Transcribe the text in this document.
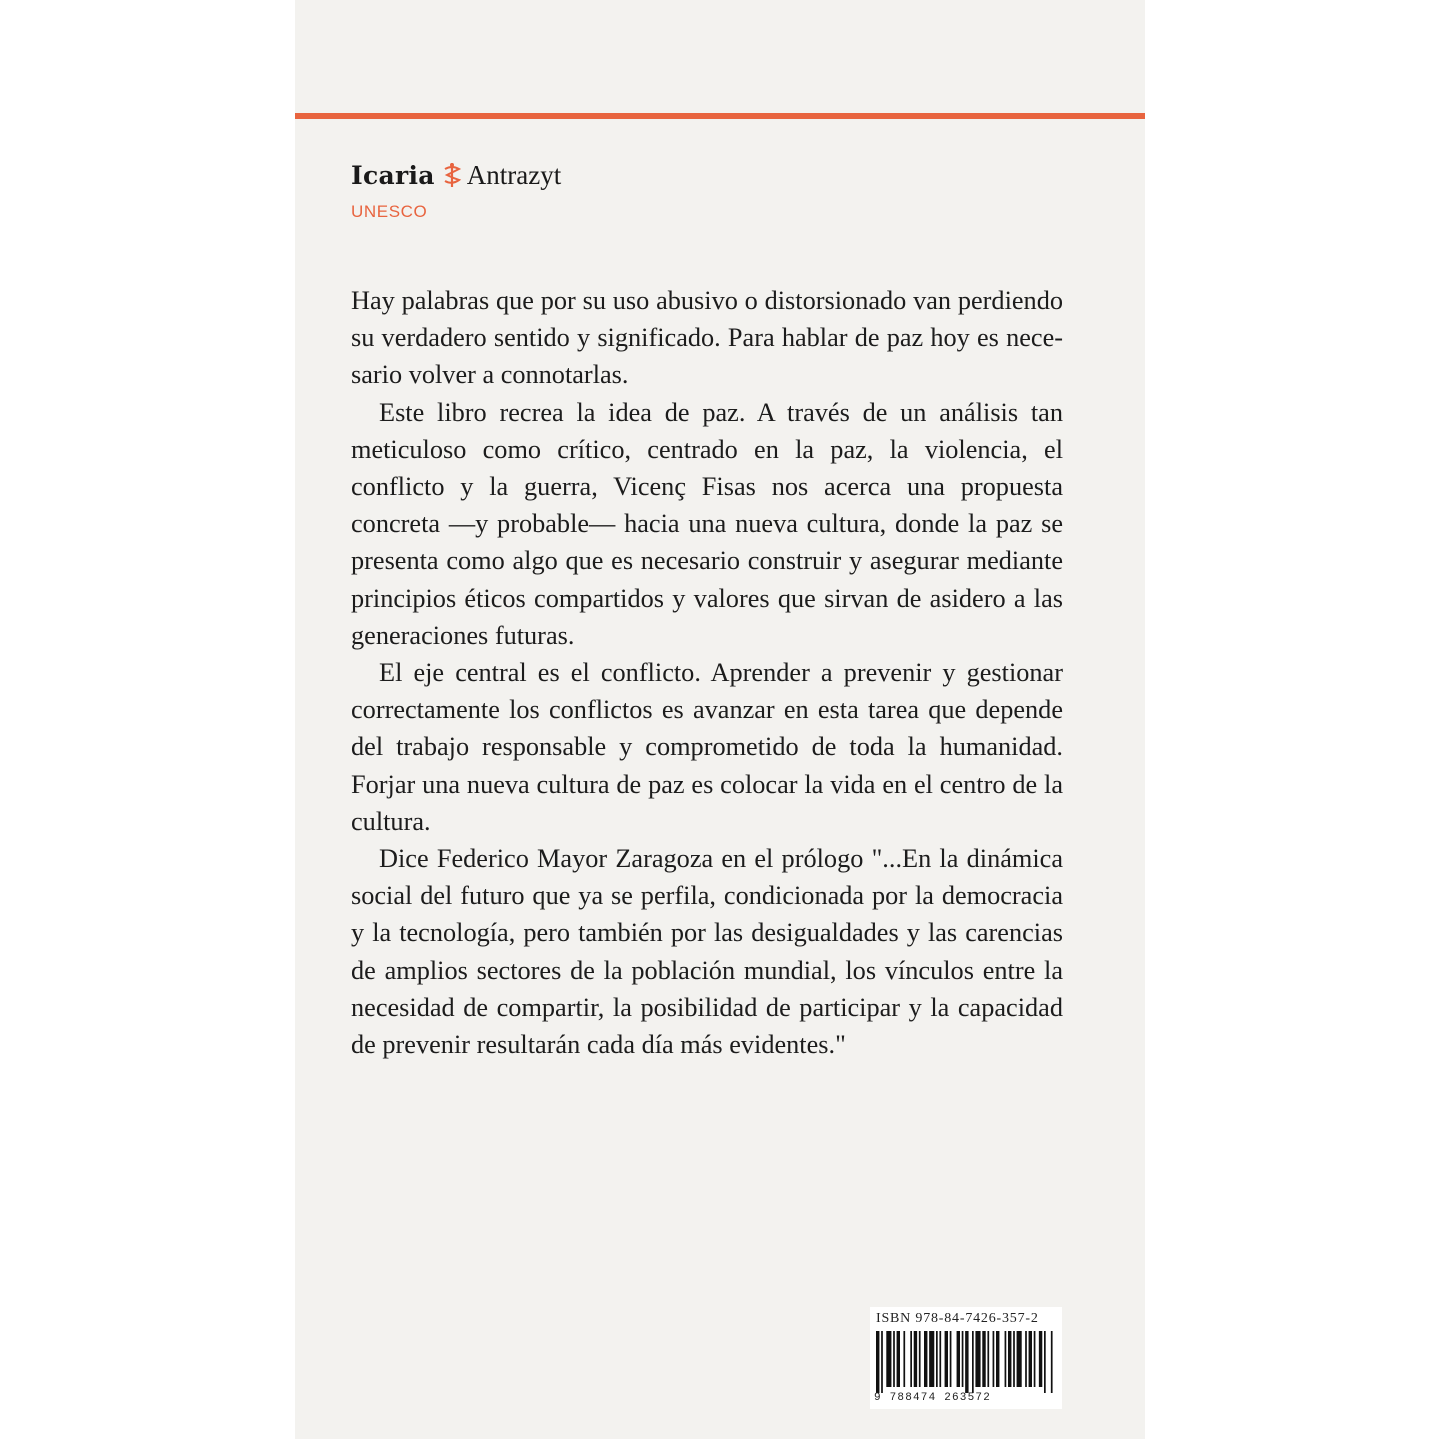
Icaria Antrazyt
UNESCO

Hay palabras que por su uso abusivo o distorsionado van perdiendo su verdadero sentido y significado. Para hablar de paz hoy es nece-sario volver a connotarlas.

Este libro recrea la idea de paz. A través de un análisis tan meticuloso como crítico, centrado en la paz, la violencia, el conflicto y la guerra, Vicenç Fisas nos acerca una propuesta concreta —y probable— hacia una nueva cultura, donde la paz se presenta como algo que es necesario construir y asegurar mediante principios éticos compartidos y valores que sirvan de asidero a las generaciones futuras.

El eje central es el conflicto. Aprender a prevenir y gestionar correctamente los conflictos es avanzar en esta tarea que depende del trabajo responsable y comprometido de toda la humanidad. Forjar una nueva cultura de paz es colocar la vida en el centro de la cultura.

Dice Federico Mayor Zaragoza en el prólogo "...En la dinámica social del futuro que ya se perfila, condicionada por la democracia y la tecnología, pero también por las desigualdades y las carencias de amplios sectores de la población mundial, los vínculos entre la necesidad de compartir, la posibilidad de participar y la capacidad de prevenir resultarán cada día más evidentes."

ISBN 978-84-7426-357-2
9 788474 263572
